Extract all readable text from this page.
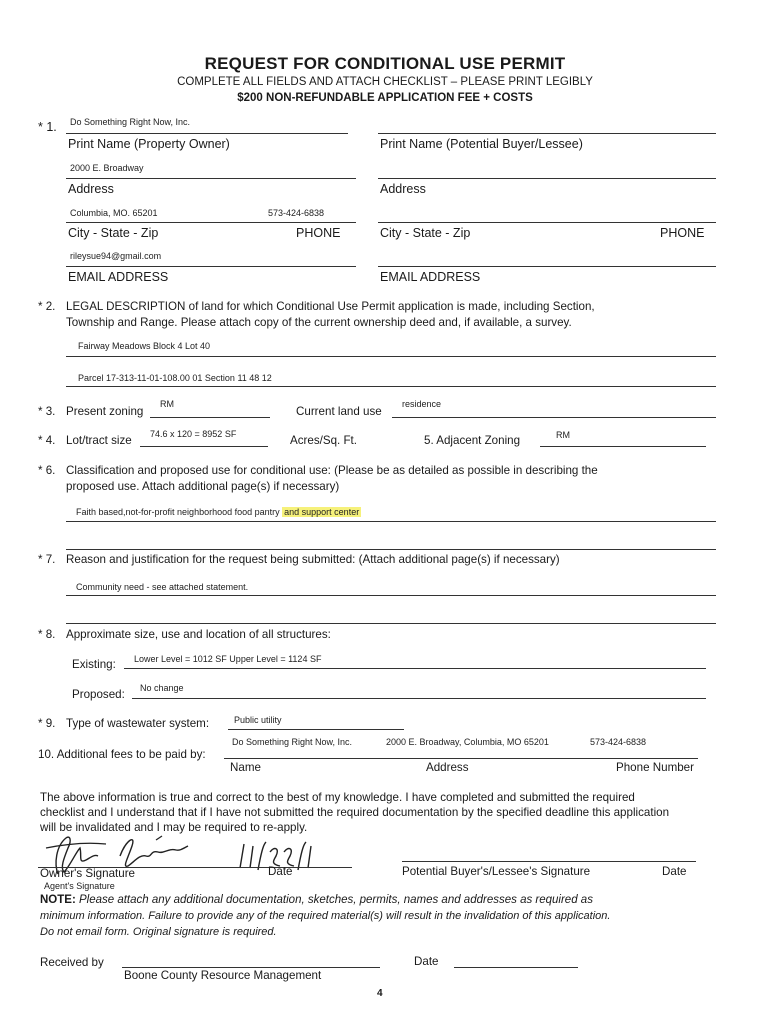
REQUEST FOR CONDITIONAL USE PERMIT
COMPLETE ALL FIELDS AND ATTACH CHECKLIST – PLEASE PRINT LEGIBLY
$200 NON-REFUNDABLE APPLICATION FEE + COSTS
* 1. Do Something Right Now, Inc.
Print Name (Property Owner)	Print Name (Potential Buyer/Lessee)
2000 E. Broadway
Address	Address
Columbia, MO. 65201	573-424-6838
City - State - Zip	PHONE	City - State - Zip	PHONE
rileysue94@gmail.com
EMAIL ADDRESS	EMAIL ADDRESS
* 2. LEGAL DESCRIPTION of land for which Conditional Use Permit application is made, including Section,
Township and Range. Please attach copy of the current ownership deed and, if available, a survey.
Fairway Meadows Block 4 Lot 40
Parcel 17-313-11-01-108.00 01 Section 11 48 12
* 3. Present zoning
RM
Current land use
residence
* 4. Lot/tract size 74.6 x 120 = 8952 SF	Acres/Sq. Ft.	5. Adjacent Zoning	RM
* 6. Classification and proposed use for conditional use: (Please be as detailed as possible in describing the
proposed use. Attach additional page(s) if necessary)
Faith based,not-for-profit neighborhood food pantry and support center
* 7. Reason and justification for the request being submitted: (Attach additional page(s) if necessary)
Community need - see attached statement.
* 8. Approximate size, use and location of all structures:
Existing: Lower Level = 1012 SF Upper Level = 1124 SF
Proposed: No change
* 9. Type of wastewater system:	Public utility
10. Additional fees to be paid by:
Do Something Right Now, Inc.	2000 E. Broadway, Columbia, MO 65201	573-424-6838
Name	Address	Phone Number
The above information is true and correct to the best of my knowledge. I have completed and submitted the required
checklist and I understand that if I have not submitted the required documentation by the specified deadline this application
will be invalidated and I may be required to re-apply.
Owner's Signature	Date	Potential Buyer's/Lessee's Signature	Date
Agent's Signature
NOTE: Please attach any additional documentation, sketches, permits, names and addresses as required as
minimum information. Failure to provide any of the required material(s) will result in the invalidation of this application.
Do not email form. Original signature is required.
Received by
Boone County Resource Management
Date
4
